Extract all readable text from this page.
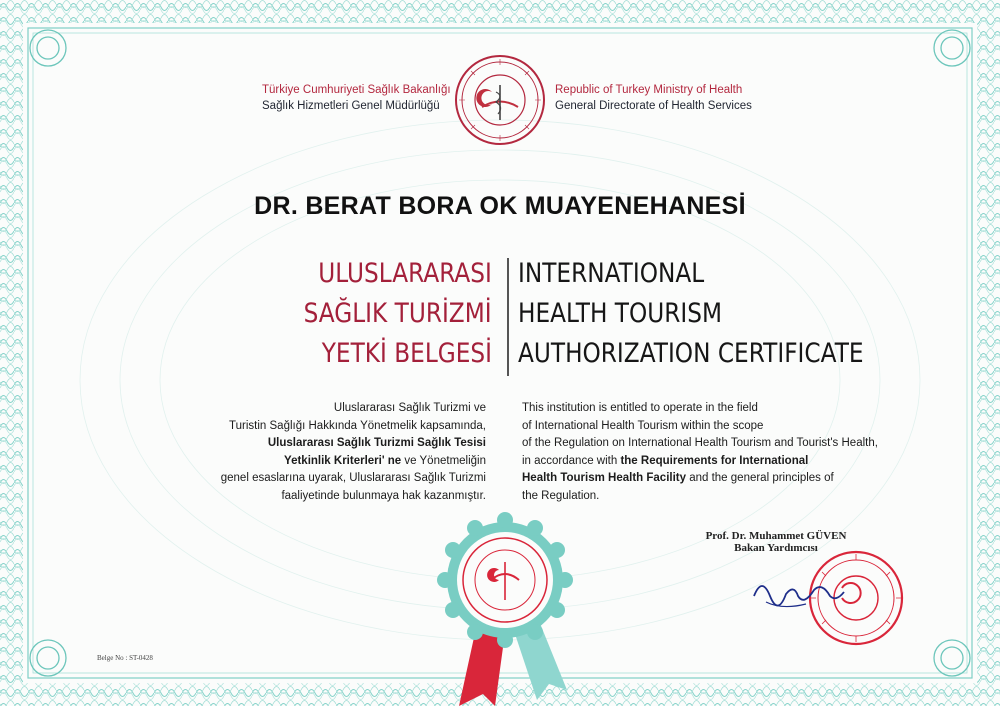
Türkiye Cumhuriyeti Sağlık Bakanlığı
Sağlık Hizmetleri Genel Müdürlüğü
Republic of Turkey Ministry of Health
General Directorate of Health Services
DR. BERAT BORA OK MUAYENEHANESİ
ULUSLARARASI
SAĞLIK TURİZMİ
YETKİ BELGESİ
INTERNATIONAL
HEALTH TOURISM
AUTHORIZATION CERTIFICATE
Uluslararası Sağlık Turizmi ve
Turistin Sağlığı Hakkında Yönetmelik kapsamında,
Uluslararası Sağlık Turizmi Sağlık Tesisi
Yetkinlik Kriterleri' ne ve Yönetmeliğin
genel esaslarına uyarak, Uluslararası Sağlık Turizmi
faaliyetinde bulunmaya hak kazanmıştır.
This institution is entitled to operate in the field
of International Health Tourism within the scope
of the Regulation on International Health Tourism and Tourist's Health,
in accordance with the Requirements for International
Health Tourism Health Facility and the general principles of
the Regulation.
Prof. Dr. Muhammet GÜVEN
Bakan Yardımcısı
Belge No : ST-0428
